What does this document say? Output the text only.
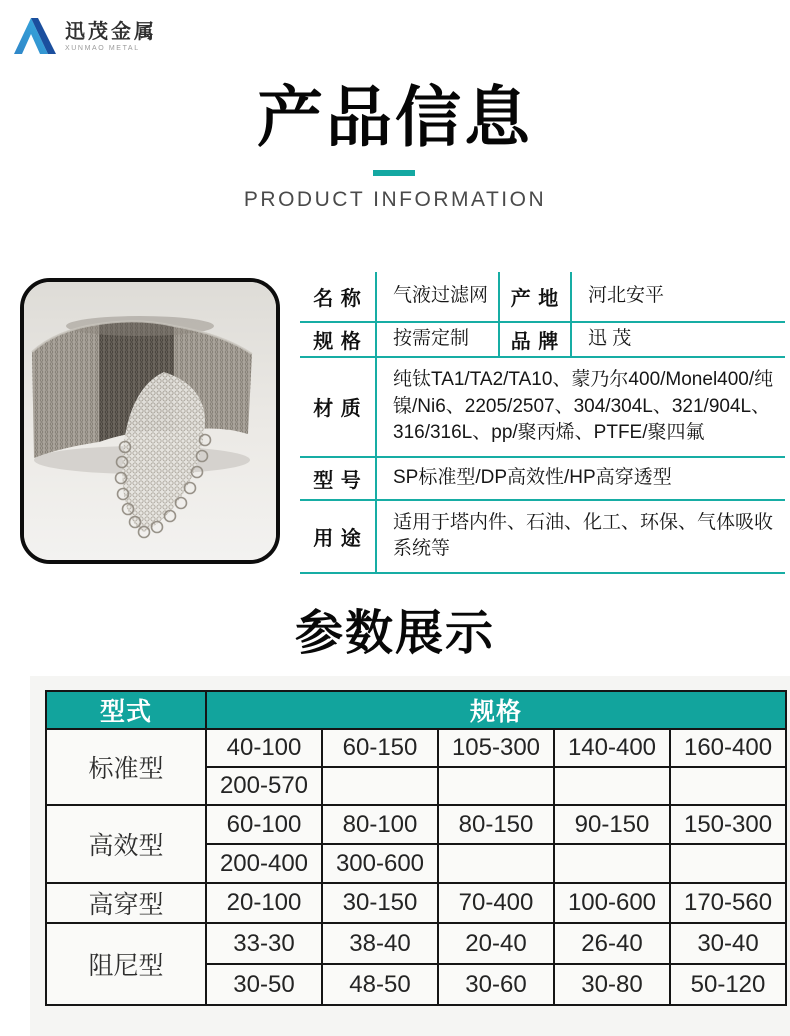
迅茂金属
XUNMAO METAL
产品信息
PRODUCT INFORMATION
名 称	气液过滤网	产 地	河北安平
规 格	按需定制	品 牌	迅 茂
材 质
纯钛TA1/TA2/TA10、蒙乃尔400/Monel400/纯镍/Ni6、2205/2507、304/304L、321/904L、316/316L、pp/聚丙烯、PTFE/聚四氟
型 号	SP标准型/DP高效性/HP高穿透型
用 途
适用于塔内件、石油、化工、环保、气体吸收系统等
参数展示
型式	规格				
标准型	40-100	60-150	105-300	140-400	160-400
	200-570				
高效型	60-100	80-100	80-150	90-150	150-300
	200-400	300-600			
高穿型	20-100	30-150	70-400	100-600	170-560
阻尼型	33-30	38-40	20-40	26-40	30-40
	30-50	48-50	30-60	30-80	50-120
